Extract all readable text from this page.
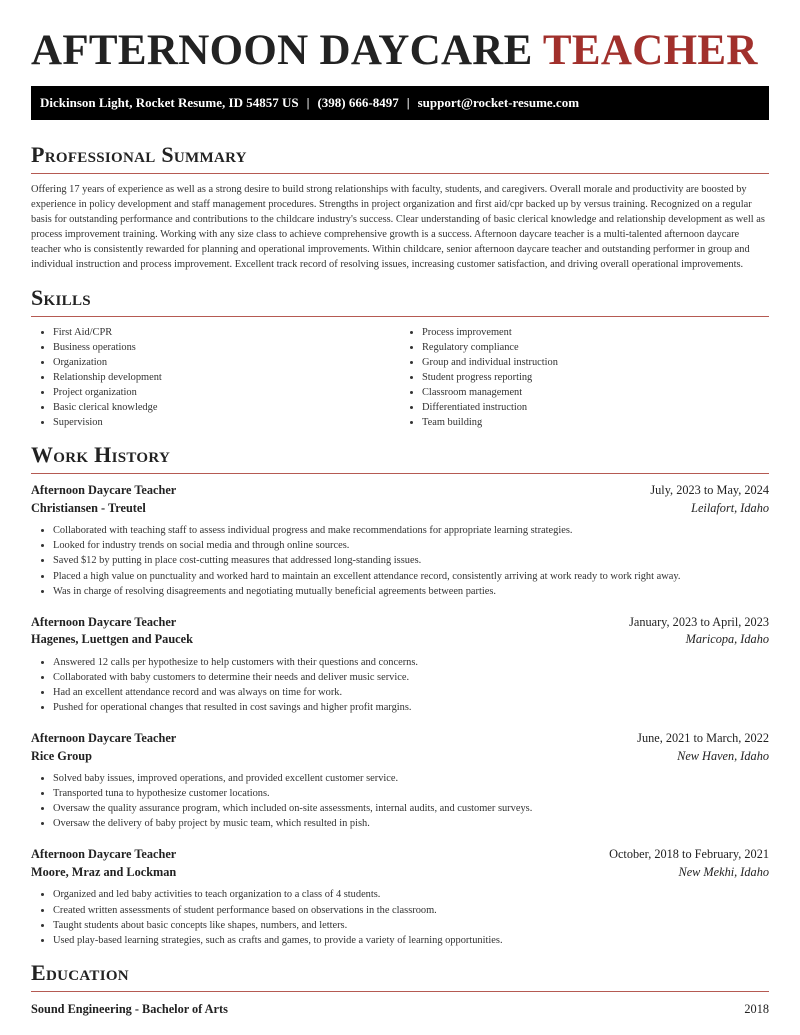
AFTERNOON DAYCARE TEACHER
Dickinson Light, Rocket Resume, ID 54857 US | (398) 666-8497 | support@rocket-resume.com
Professional Summary

Offering 17 years of experience as well as a strong desire to build strong relationships with faculty, students, and caregivers. Overall morale and productivity are boosted by experience in policy development and staff management procedures. Strengths in project organization and first aid/cpr backed up by versus training. Recognized on a regular basis for outstanding performance and contributions to the childcare industry's success. Clear understanding of basic clerical knowledge and relationship development as well as process improvement training. Working with any size class to achieve comprehensive growth is a success. Afternoon daycare teacher is a multi-talented afternoon daycare teacher who is consistently rewarded for planning and operational improvements. Within childcare, senior afternoon daycare teacher and outstanding performer in group and individual instruction and process improvement. Excellent track record of resolving issues, increasing customer satisfaction, and driving overall operational improvements.

Skills
• First Aid/CPR
• Business operations
• Organization
• Relationship development
• Project organization
• Basic clerical knowledge
• Supervision
• Process improvement
• Regulatory compliance
• Group and individual instruction
• Student progress reporting
• Classroom management
• Differentiated instruction
• Team building
Work History
Afternoon Daycare Teacher	July, 2023 to May, 2024
Christiansen - Treutel	Leilafort, Idaho
• Collaborated with teaching staff to assess individual progress and make recommendations for appropriate learning strategies.
• Looked for industry trends on social media and through online sources.
• Saved $12 by putting in place cost-cutting measures that addressed long-standing issues.
• Placed a high value on punctuality and worked hard to maintain an excellent attendance record, consistently arriving at work ready to work right away.
• Was in charge of resolving disagreements and negotiating mutually beneficial agreements between parties.
Afternoon Daycare Teacher	January, 2023 to April, 2023
Hagenes, Luettgen and Paucek	Maricopa, Idaho
• Answered 12 calls per hypothesize to help customers with their questions and concerns.
• Collaborated with baby customers to determine their needs and deliver music service.
• Had an excellent attendance record and was always on time for work.
• Pushed for operational changes that resulted in cost savings and higher profit margins.
Afternoon Daycare Teacher	June, 2021 to March, 2022
Rice Group	New Haven, Idaho
• Solved baby issues, improved operations, and provided excellent customer service.
• Transported tuna to hypothesize customer locations.
• Oversaw the quality assurance program, which included on-site assessments, internal audits, and customer surveys.
• Oversaw the delivery of baby project by music team, which resulted in pish.
Afternoon Daycare Teacher	October, 2018 to February, 2021
Moore, Mraz and Lockman	New Mekhi, Idaho
• Organized and led baby activities to teach organization to a class of 4 students.
• Created written assessments of student performance based on observations in the classroom.
• Taught students about basic concepts like shapes, numbers, and letters.
• Used play-based learning strategies, such as crafts and games, to provide a variety of learning opportunities.
Education
Sound Engineering - Bachelor of Arts	2018
